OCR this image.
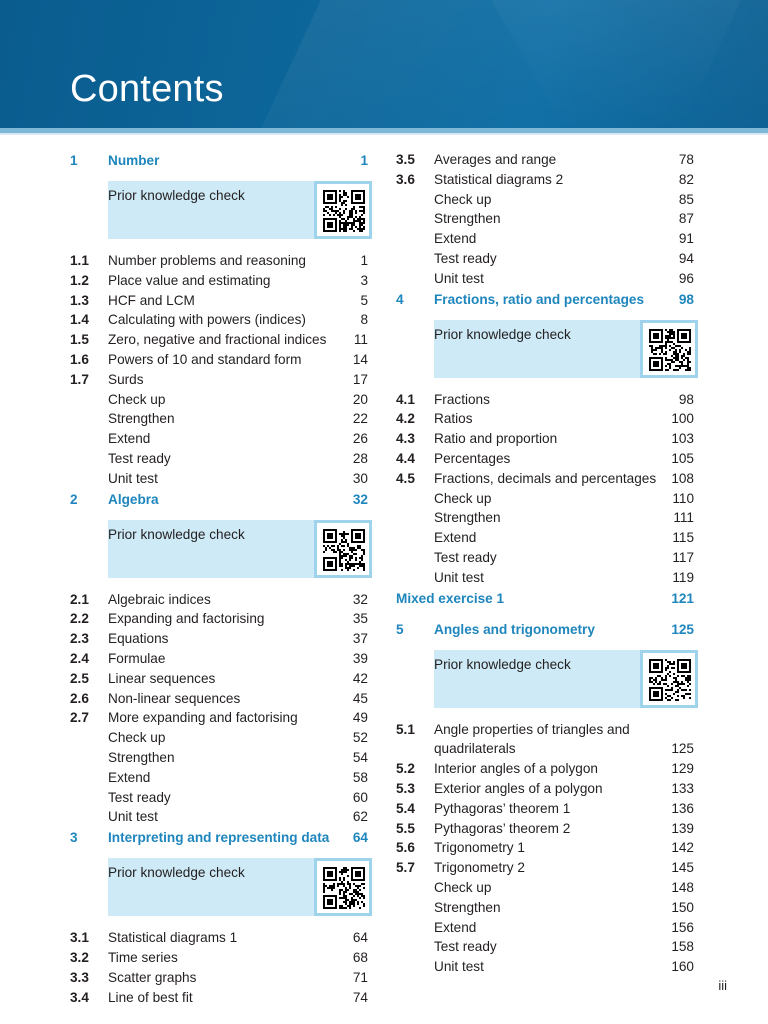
Contents
1 Number	1
Prior knowledge check
1.1 Number problems and reasoning	1
1.2 Place value and estimating	3
1.3 HCF and LCM	5
1.4 Calculating with powers (indices)	8
1.5 Zero, negative and fractional indices 11
1.6 Powers of 10 and standard form	14
1.7 Surds	17
Check up	20
Strengthen	22
Extend	26
Test ready	28
Unit test	30
2 Algebra	32
Prior knowledge check
2.1 Algebraic indices	32
2.2 Expanding and factorising	35
2.3 Equations	37
2.4 Formulae	39
2.5 Linear sequences	42
2.6 Non-linear sequences	45
2.7 More expanding and factorising	49
Check up	52
Strengthen	54
Extend	58
Test ready	60
Unit test	62
3 Interpreting and representing data 64
Prior knowledge check
3.1 Statistical diagrams 1	64
3.2 Time series	68
3.3 Scatter graphs	71
3.4 Line of best fit	74
3.5 Averages and range	78
3.6 Statistical diagrams 2	82
Check up	85
Strengthen	87
Extend	91
Test ready	94
Unit test	96
4 Fractions, ratio and percentages	98
Prior knowledge check
4.1 Fractions	98
4.2 Ratios	100
4.3 Ratio and proportion	103
4.4 Percentages	105
4.5 Fractions, decimals and percentages 108
Check up	110
Strengthen	111
Extend	115
Test ready	117
Unit test	119
Mixed exercise 1	121
5 Angles and trigonometry	125
Prior knowledge check
5.1 Angle properties of triangles and quadrilaterals	125
5.2 Interior angles of a polygon	129
5.3 Exterior angles of a polygon	133
5.4 Pythagoras’ theorem 1	136
5.5 Pythagoras’ theorem 2	139
5.6 Trigonometry 1	142
5.7 Trigonometry 2	145
Check up	148
Strengthen	150
Extend	156
Test ready	158
Unit test	160
iii
